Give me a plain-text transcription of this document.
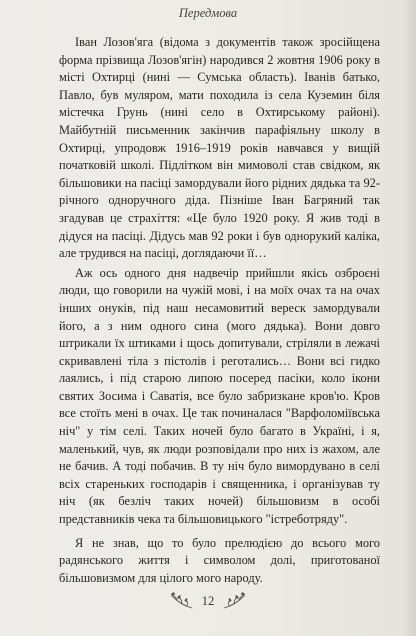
Передмова

Іван Лозов'яга (відома з документів також зросійщена форма прізвища Лозов'ягін) народився 2 жовтня 1906 року в місті Охтирці (нині — Сумська область). Іванів батько, Павло, був муляром, мати походила із села Куземин біля містечка Грунь (нині селo в Охтирському районі). Майбутній письменник закінчив парафіяльну школу в Охтирці, упродовж 1916–1919 років навчався у вищій початковій школі. Підлітком він мимоволі став свідком, як більшовики на пасіці замордували його рідних дядька та 92-річного одноручного діда. Пізніше Іван Багряний так згадував це страхіття: «Це було 1920 року. Я жив тоді в дідуся на пасіці. Дідусь мав 92 роки і був однорукий каліка, але трудився на пасіці, доглядаючи її…

Аж ось одного дня надвечір прийшли якісь озброєні люди, що говорили на чужій мові, і на моїх очах та на очах інших онуків, під наш несамовитий вереск замордували його, а з ним одного сина (мого дядька). Вони довго штрикали їх штиками і щось допитували, стріляли в лежачі скривавлені тіла з пістолів і реготались… Вони всі гидко лаялись, і під старою липою посеред пасіки, коло ікони святих Зосима і Саватія, все було забризкане кров'ю. Кров все стоїть мені в очах. Це так починалася "Варфоломіївська ніч" у тім селі. Таких ночей було багато в Україні, і я, маленький, чув, як люди розповідали про них із жахом, але не бачив. А тодi побачив. В ту ніч було вимордувано в селі всіх старенькиx господарів і священника, і організував ту ніч (як безліч таких ночей) більшовизм в особі представників чека та більшовицького "істреботряду".

Я не знав, що то було прелюдією до всього мого радянського життя і символом долі, приготованої більшовизмом для цілого мого народу.

12
